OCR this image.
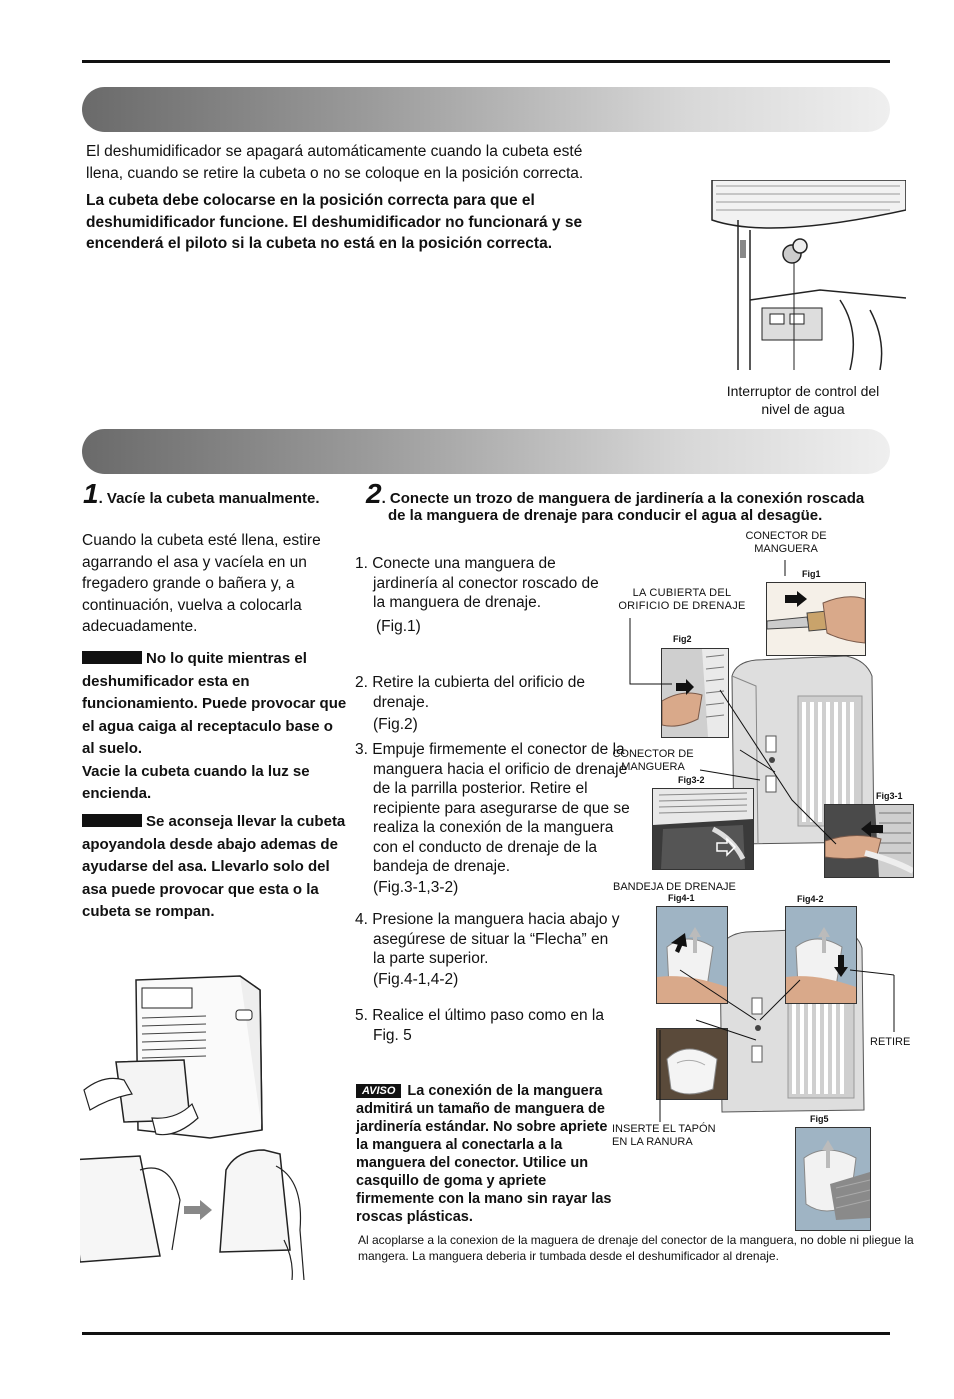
El deshumidificador se apagará automáticamente cuando la cubeta esté llena, cuando se retire la cubeta o no se coloque en la posición correcta.
La cubeta debe colocarse en la posición correcta para que el deshumidificador funcione. El deshumidificador no funcionará y se encenderá el piloto si la cubeta no está en la posición correcta.
Interruptor de control del nivel de agua
1. Vacíe la cubeta manualmente.
Cuando la cubeta esté llena, estire agarrando el asa y vacíela en un fregadero grande o bañera y, a continuación, vuelva a colocarla adecuadamente.
No lo quite mientras el deshumificador esta en funcionamiento. Puede provocar que el agua caiga al receptaculo base o al suelo.
Vacie la cubeta cuando la luz se encienda.
Se aconseja llevar la cubeta apoyandola desde abajo ademas de ayudarse del asa. Llevarlo solo del asa puede provocar que esta o la cubeta se rompan.
2. Conecte un trozo de manguera de jardinería a la conexión roscada
de la manguera de drenaje para conducir el agua al desagüe.
1. Conecte una manguera de jardinería al conector roscado de la manguera de drenaje.
(Fig.1)
2. Retire la cubierta del orificio de drenaje.
(Fig.2)
3. Empuje firmemente el conector de la manguera hacia el orificio de drenaje de la parrilla posterior. Retire el recipiente para asegurarse de que se realiza la conexión de la manguera con el conducto de drenaje de la bandeja de drenaje.
(Fig.3-1,3-2)
4. Presione la manguera hacia abajo y asegúrese de situar la “Flecha” en la parte superior.
(Fig.4-1,4-2)
5. Realice el último paso como en la Fig. 5
AVISO La conexión de la manguera admitirá un tamaño de manguera de jardinería estándar. No sobre apriete la manguera al conectarla a la manguera del conector. Utilice un casquillo de goma y apriete firmemente con la mano sin rayar las roscas plásticas.
Al acoplarse a la conexion de la maguera de drenaje del conector de la manguera, no doble ni pliegue la mangera. La manguera deberia ir tumbada desde el deshumificador al drenaje.
CONECTOR DE MANGUERA
Fig1
LA CUBIERTA DEL ORIFICIO DE DRENAJE
Fig2
CONECTOR DE MANGUERA
Fig3-2
Fig3-1
BANDEJA DE DRENAJE
Fig4-1	Fig4-2
RETIRE
INSERTE EL TAPÓN EN LA RANURA
Fig5
